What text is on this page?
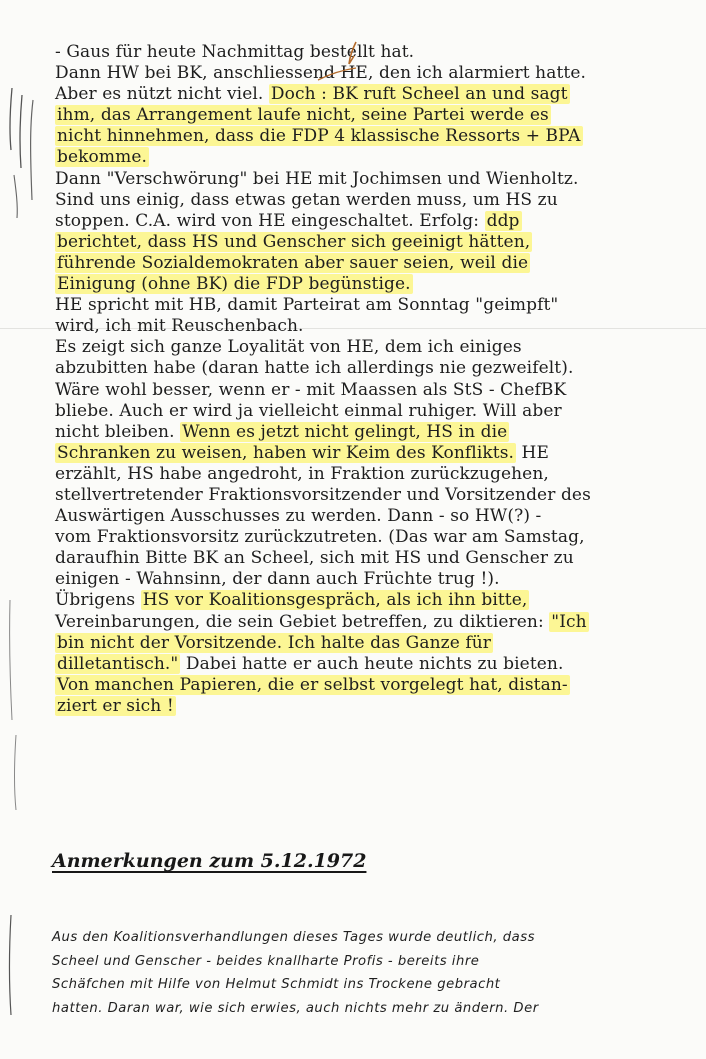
- Gaus für heute Nachmittag bestellt hat.
Dann HW bei BK, anschliessend HE, den ich alarmiert hatte.
Aber es nützt nicht viel. Doch : BK ruft Scheel an und sagt
ihm, das Arrangement laufe nicht, seine Partei werde es
nicht hinnehmen, dass die FDP 4 klassische Ressorts + BPA
bekomme.
Dann "Verschwörung" bei HE mit Jochimsen und Wienholtz.
Sind uns einig, dass etwas getan werden muss, um HS zu
stoppen. C.A. wird von HE eingeschaltet. Erfolg: ddp
berichtet, dass HS und Genscher sich geeinigt hätten,
führende Sozialdemokraten aber sauer seien, weil die
Einigung (ohne BK) die FDP begünstige.
HE spricht mit HB, damit Parteirat am Sonntag "geimpft"
wird, ich mit Reuschenbach.
Es zeigt sich ganze Loyalität von HE, dem ich einiges
abzubitten habe (daran hatte ich allerdings nie gezweifelt).
Wäre wohl besser, wenn er - mit Maassen als StS - ChefBK
bliebe. Auch er wird ja vielleicht einmal ruhiger. Will aber
nicht bleiben. Wenn es jetzt nicht gelingt, HS in die
Schranken zu weisen, haben wir Keim des Konflikts. HE
erzählt, HS habe angedroht, in Fraktion zurückzugehen,
stellvertretender Fraktionsvorsitzender und Vorsitzender des
Auswärtigen Ausschusses zu werden. Dann - so HW(?) -
vom Fraktionsvorsitz zurückzutreten. (Das war am Samstag,
daraufhin Bitte BK an Scheel, sich mit HS und Genscher zu
einigen - Wahnsinn, der dann auch Früchte trug !).
Übrigens HS vor Koalitionsgespräch, als ich ihn bitte,
Vereinbarungen, die sein Gebiet betreffen, zu diktieren: "Ich
bin nicht der Vorsitzende. Ich halte das Ganze für
dilletantisch." Dabei hatte er auch heute nichts zu bieten.
Von manchen Papieren, die er selbst vorgelegt hat, distan-
ziert er sich !
Anmerkungen zum 5.12.1972
Aus den Koalitionsverhandlungen dieses Tages wurde deutlich, dass
Scheel und Genscher - beides knallharte Profis - bereits ihre
Schäfchen mit Hilfe von Helmut Schmidt ins Trockene gebracht
hatten. Daran war, wie sich erwies, auch nichts mehr zu ändern. Der
